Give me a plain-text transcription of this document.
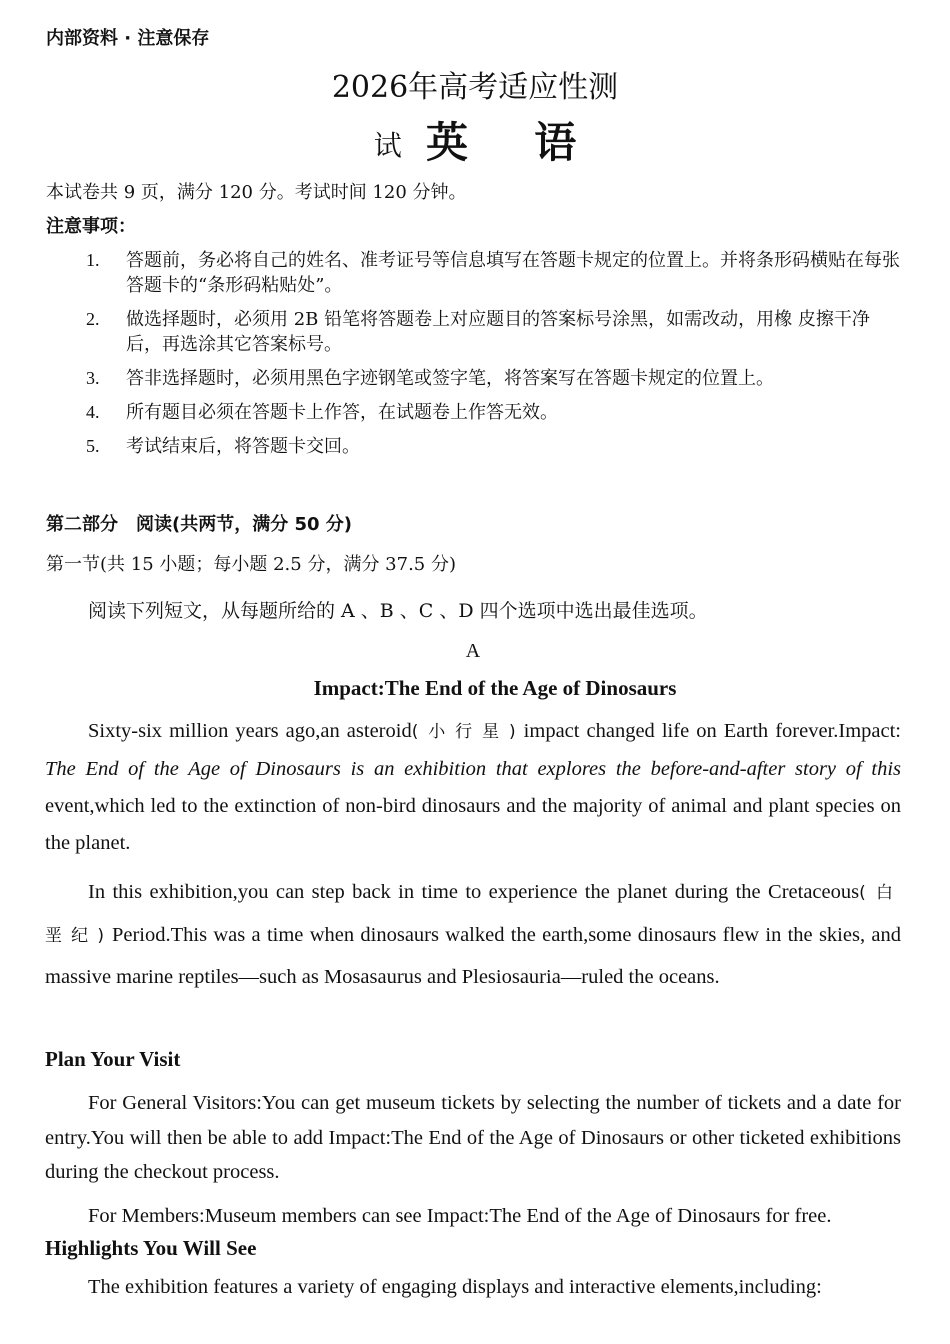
内部资料 · 注意保存
2026年高考适应性测
试 英 语
本试卷共 9 页，满分 120 分。考试时间 120 分钟。
注意事项：
1. 答题前，务必将自己的姓名、准考证号等信息填写在答题卡规定的位置上。并将条形码横贴在每张答题卡的“条形码粘贴处”。
2. 做选择题时，必须用 2B 铅笔将答题卷上对应题目的答案标号涂黑，如需改动，用橡 皮擦干净后，再选涂其它答案标号。
3. 答非选择题时，必须用黑色字迹钢笔或签字笔，将答案写在答题卡规定的位置上。
4. 所有题目必须在答题卡上作答，在试题卷上作答无效。
5. 考试结束后，将答题卡交回。
第二部分　阅读(共两节，满分 50 分)
第一节(共 15 小题；每小题 2.5 分，满分 37.5 分)
阅读下列短文，从每题所给的 A 、B 、C 、D 四个选项中选出最佳选项。
A
Impact:The End of the Age of Dinosaurs

Sixty-six million years ago,an asteroid(小行星)impact changed life on Earth forever.Impact: The End of the Age of Dinosaurs is an exhibition that explores the before-and-after story of this event,which led to the extinction of non-bird dinosaurs and the majority of animal and plant species on the planet.

In this exhibition,you can step back in time to experience the planet during the Cretaceous(白 垩纪)Period.This was a time when dinosaurs walked the earth,some dinosaurs flew in the skies, and massive marine reptiles—such as Mosasaurus and Plesiosauria—ruled the oceans.

Plan Your Visit

For General Visitors:You can get museum tickets by selecting the number of tickets and a date for entry.You will then be able to add Impact:The End of the Age of Dinosaurs or other ticketed exhibitions during the checkout process.

For Members:Museum members can see Impact:The End of the Age of Dinosaurs for free.

Highlights You Will See

The exhibition features a variety of engaging displays and interactive elements,including:
